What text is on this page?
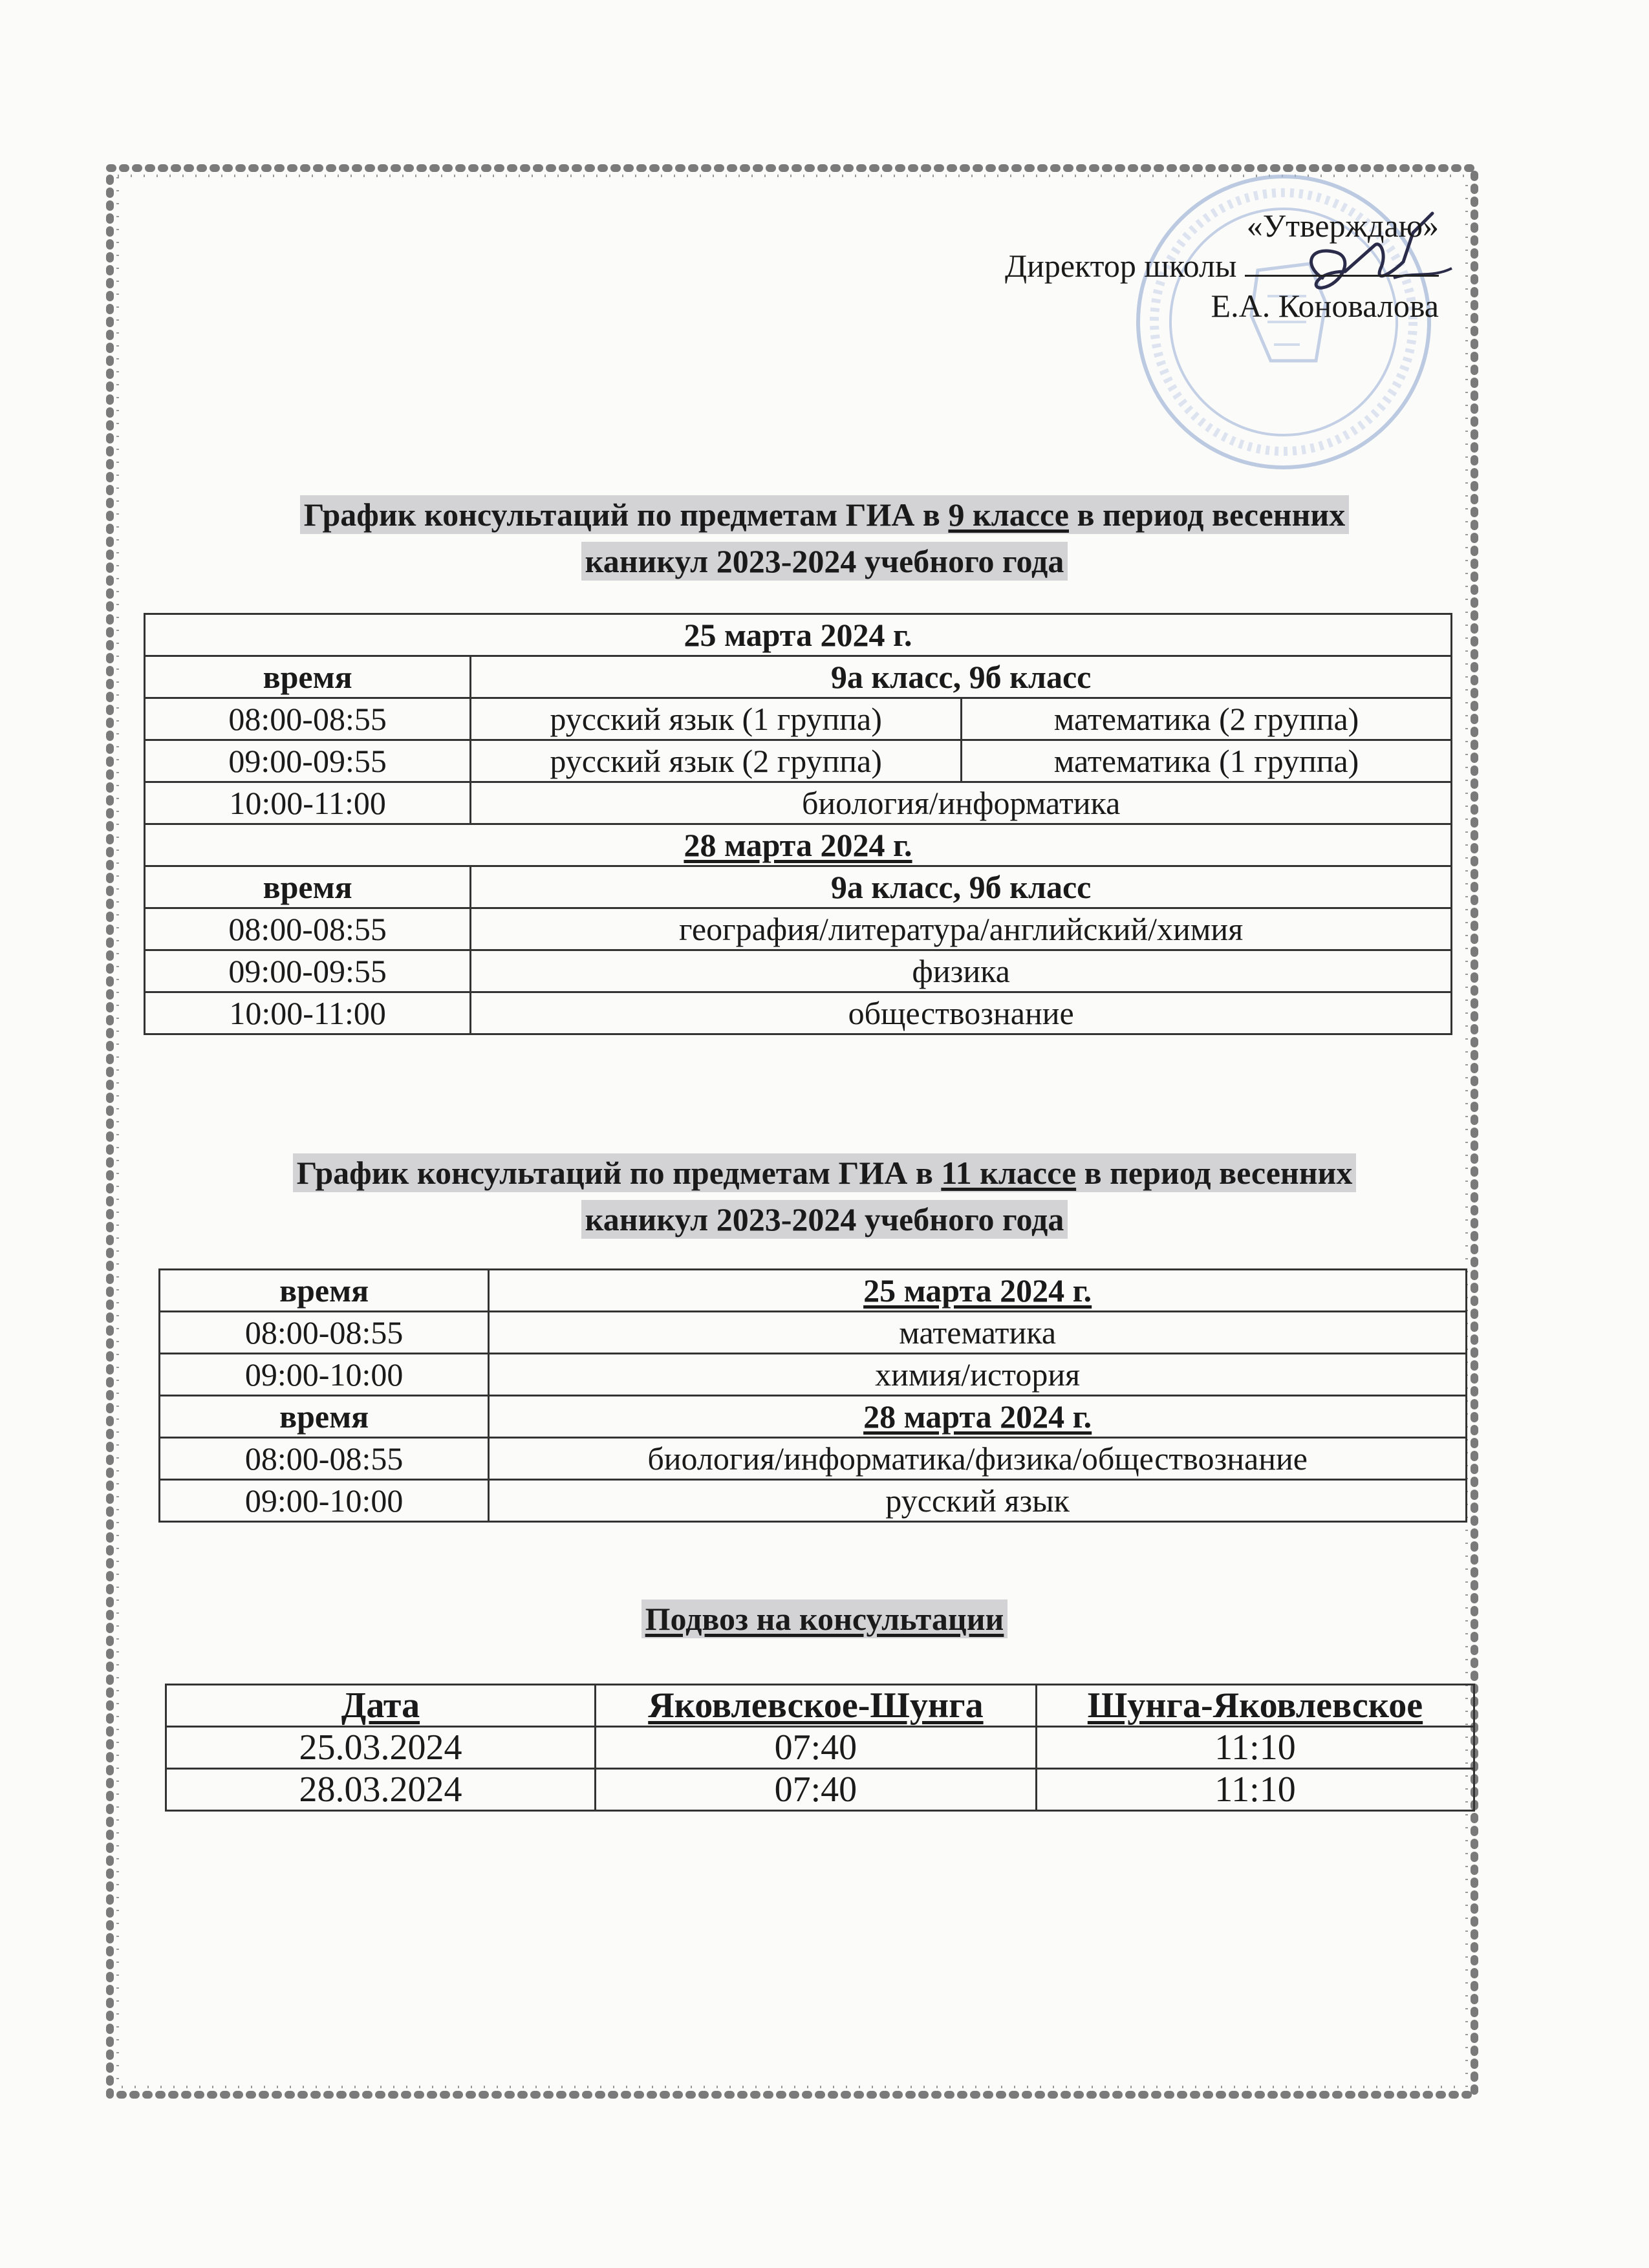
«Утверждаю»
Директор школы
Е.А. Коновалова
График консультаций по предметам ГИА в 9 классе в период весенних
каникул 2023-2024 учебного года
25 марта 2024 г.		
время	9а класс, 9б класс	
08:00-08:55	русский язык (1 группа)	математика (2 группа)
09:00-09:55	русский язык (2 группа)	математика (1 группа)
10:00-11:00	биология/информатика	
28 марта 2024 г.		
время	9а класс, 9б класс	
08:00-08:55	география/литература/английский/химия	
09:00-09:55	физика	
10:00-11:00	обществознание	
График консультаций по предметам ГИА в 11 классе в период весенних
каникул 2023-2024 учебного года
время	25 марта 2024 г.
08:00-08:55	математика
09:00-10:00	химия/история
время	28 марта 2024 г.
08:00-08:55	биология/информатика/физика/обществознание
09:00-10:00	русский язык
Подвоз на консультации
Дата	Яковлевское-Шунга	Шунга-Яковлевское
25.03.2024	07:40	11:10
28.03.2024	07:40	11:10
